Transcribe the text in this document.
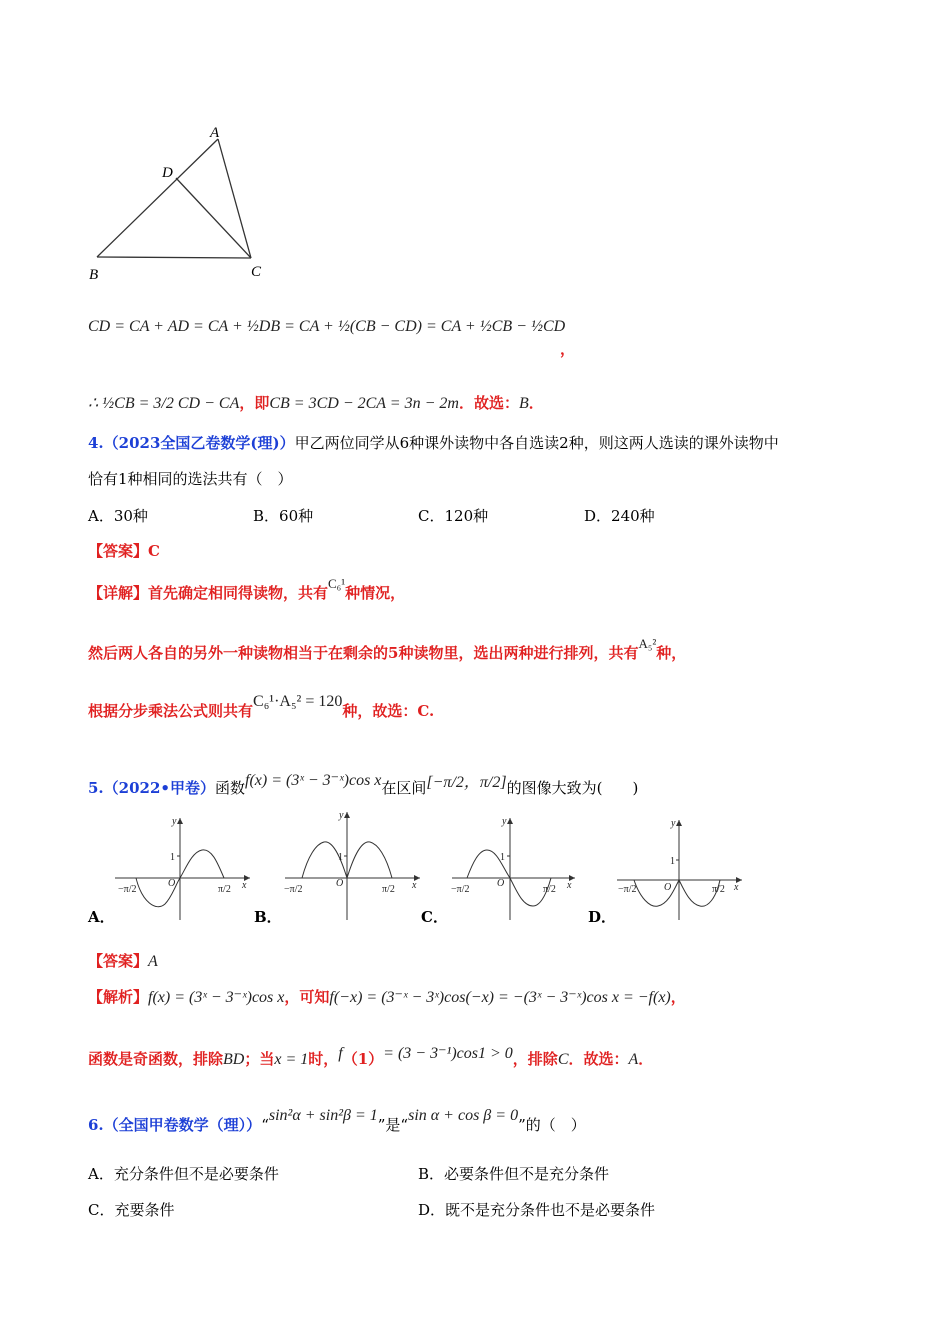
A
D
B	C
CD = CA + AD = CA + ½DB = CA + ½(CB − CD) = CA + ½CB − ½CD
，
∴ ½CB = 3/2 CD − CA，即CB = 3CD − 2CA = 3n − 2m．故选：B．
4.（2023全国乙卷数学(理)）甲乙两位同学从6种课外读物中各自选读2种，则这两人选读的课外读物中
恰有1种相同的选法共有（　）
A．30种	B．60种	C．120种	D．240种
【答案】C
【详解】首先确定相同得读物，共有$^{C_6^1}$种情况，
然后两人各自的另外一种读物相当于在剩余的5种读物里，选出两种进行排列，共有$^{A_5^2}$种，
根据分步乘法公式则共有C₆¹·A₅² = 120种，故选：C.
5.（2022•甲卷）函数f(x) = (3ˣ − 3⁻ˣ)cos x在区间[−π/2，π/2]的图像大致为(　　)
y
x
O
1
−π/2	π/2
A．
y
x
O
1
−π/2	π/2
B．
y
x
O
1
−π/2	π/2
C．
y
x
O
1
−π/2	π/2
D．
【答案】A
【解析】f(x) = (3ˣ − 3⁻ˣ)cos x，可知f(−x) = (3⁻ˣ − 3ˣ)cos(−x) = −(3ˣ − 3⁻ˣ)cos x = −f(x)，
函数是奇函数，排除BD；当x = 1时，f（1）= (3 − 3⁻¹)cos1 > 0，排除C．故选：A．
6.（全国甲卷数学（理））“sin²α + sin²β = 1”是“sin α + cos β = 0”的（　）
A．充分条件但不是必要条件	B．必要条件但不是充分条件
C．充要条件	D．既不是充分条件也不是必要条件
